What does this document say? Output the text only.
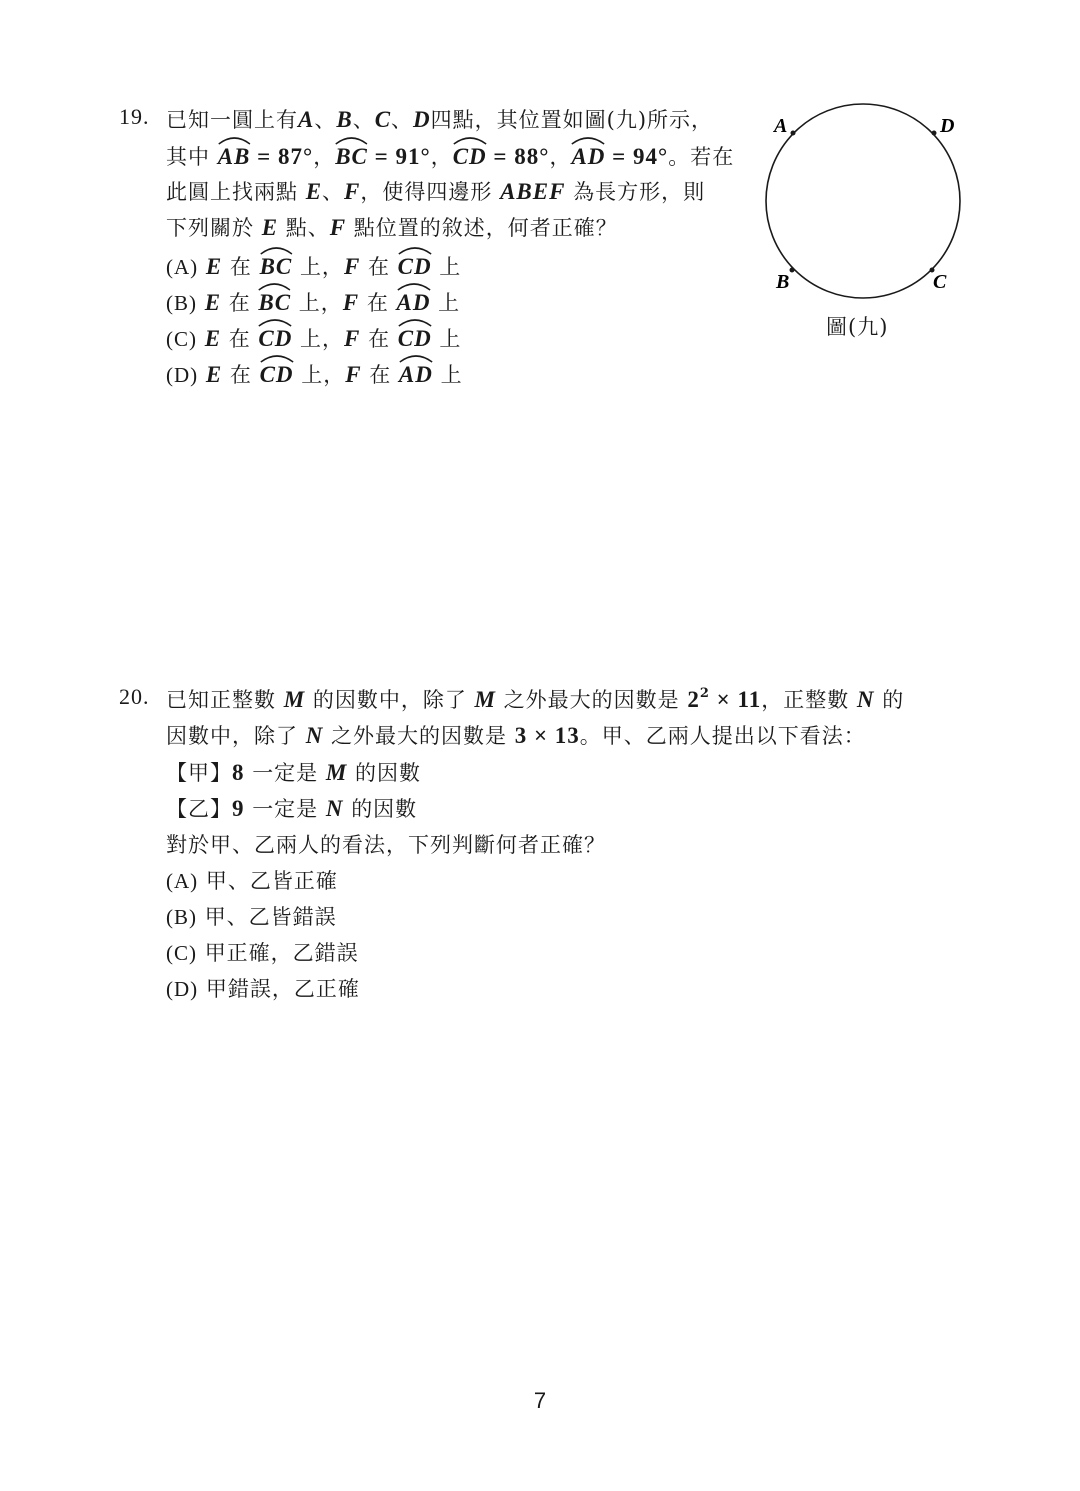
19. 已知一圓上有A、B、C、D四點，其位置如圖(九)所示，
其中 AB = 87°，
BC = 91°，
CD = 88°，
AD = 94°。若在
此圓上找兩點 E、F，使得四邊形 ABEF 為長方形，則
下列關於 E 點、F 點位置的敘述，何者正確？
(A) E 在 BC 上，F 在 CD 上
(B) E 在 BC 上，F 在 AD 上
(C) E 在 CD 上，F 在 CD 上
(D) E 在 CD 上，F 在 AD 上
A	D
B	C
圖(九)
20. 已知正整數 M 的因數中，除了 M 之外最大的因數是 $2^2 \times 11$，正整數 N 的
因數中，除了 N 之外最大的因數是 3 × 13。甲、乙兩人提出以下看法：
【甲】8 一定是 M 的因數
【乙】9 一定是 N 的因數
對於甲、乙兩人的看法，下列判斷何者正確？
(A) 甲、乙皆正確
(B) 甲、乙皆錯誤
(C) 甲正確，乙錯誤
(D) 甲錯誤，乙正確
7
